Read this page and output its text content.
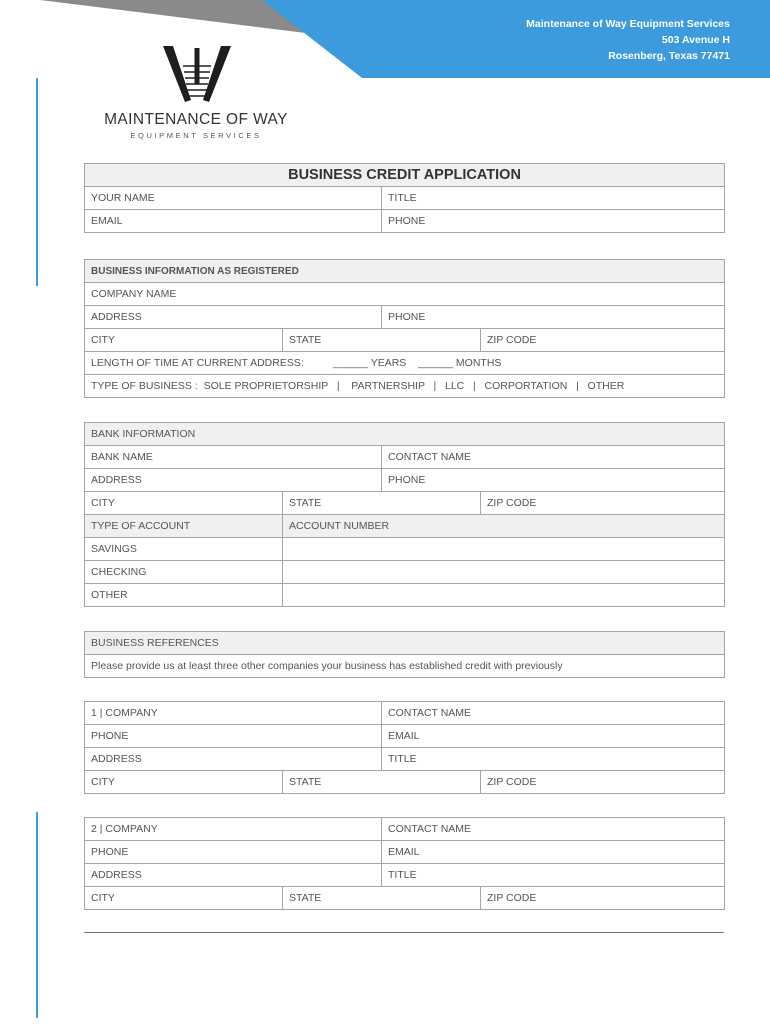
Maintenance of Way Equipment Services
503 Avenue H
Rosenberg, Texas 77471
MAINTENANCE OF WAY
EQUIPMENT SERVICES
BUSINESS CREDIT APPLICATION	
YOUR NAME	TITLE
EMAIL	PHONE
BUSINESS INFORMATION AS REGISTERED			
COMPANY NAME			
ADDRESS		PHONE	
CITY	STATE		ZIP CODE
LENGTH OF TIME AT CURRENT ADDRESS:          ______ YEARS    ______ MONTHS			
TYPE OF BUSINESS :  SOLE PROPRIETORSHIP   |    PARTNERSHIP   |   LLC   |   CORPORTATION   |   OTHER			
BANK INFORMATION			
BANK NAME		CONTACT NAME	
ADDRESS		PHONE	
CITY	STATE		ZIP CODE
TYPE OF ACCOUNT	ACCOUNT NUMBER		
SAVINGS			
CHECKING			
OTHER			
BUSINESS REFERENCES
Please provide us at least three other companies your business has established credit with previously
1 | COMPANY		CONTACT NAME	
PHONE		EMAIL	
ADDRESS		TITLE	
CITY	STATE		ZIP CODE
2 | COMPANY		CONTACT NAME	
PHONE		EMAIL	
ADDRESS		TITLE	
CITY	STATE		ZIP CODE
